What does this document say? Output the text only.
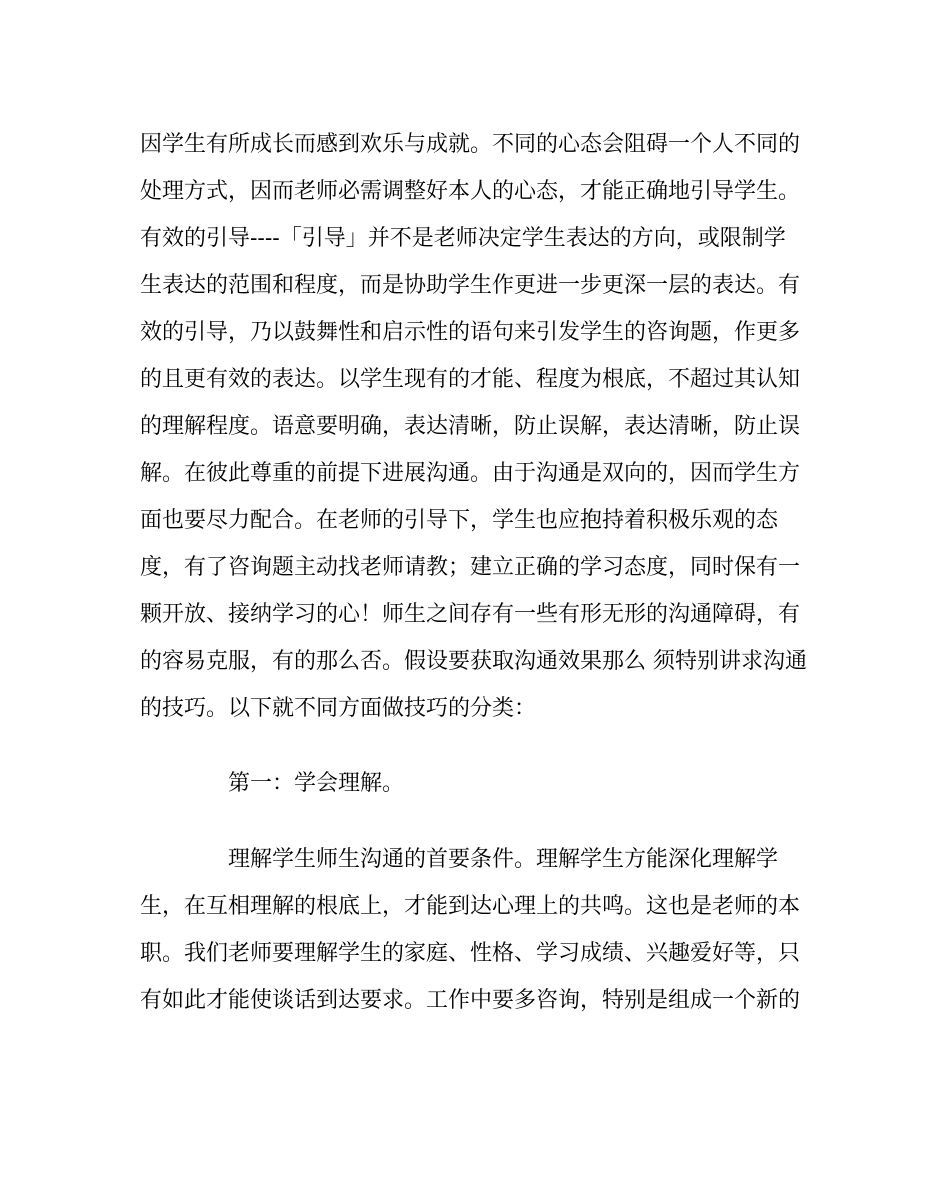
因学生有所成长而感到欢乐与成就。不同的心态会阻碍一个人不同的
处理方式，因而老师必需调整好本人的心态，才能正确地引导学生。
有效的引导----「引导」并不是老师决定学生表达的方向，或限制学
生表达的范围和程度，而是协助学生作更进一步更深一层的表达。有
效的引导，乃以鼓舞性和启示性的语句来引发学生的咨询题，作更多
的且更有效的表达。以学生现有的才能、程度为根底，不超过其认知
的理解程度。语意要明确，表达清晰，防止误解，表达清晰，防止误
解。在彼此尊重的前提下进展沟通。由于沟通是双向的，因而学生方
面也要尽力配合。在老师的引导下，学生也应抱持着积极乐观的态
度，有了咨询题主动找老师请教；建立正确的学习态度，同时保有一
颗开放、接纳学习的心！师生之间存有一些有形无形的沟通障碍，有
的容易克服，有的那么否。假设要获取沟通效果那么 须特别讲求沟通
的技巧。以下就不同方面做技巧的分类：
第一：学会理解。
理解学生师生沟通的首要条件。理解学生方能深化理解学
生，在互相理解的根底上，才能到达心理上的共鸣。这也是老师的本
职。我们老师要理解学生的家庭、性格、学习成绩、兴趣爱好等，只
有如此才能使谈话到达要求。工作中要多咨询，特别是组成一个新的
